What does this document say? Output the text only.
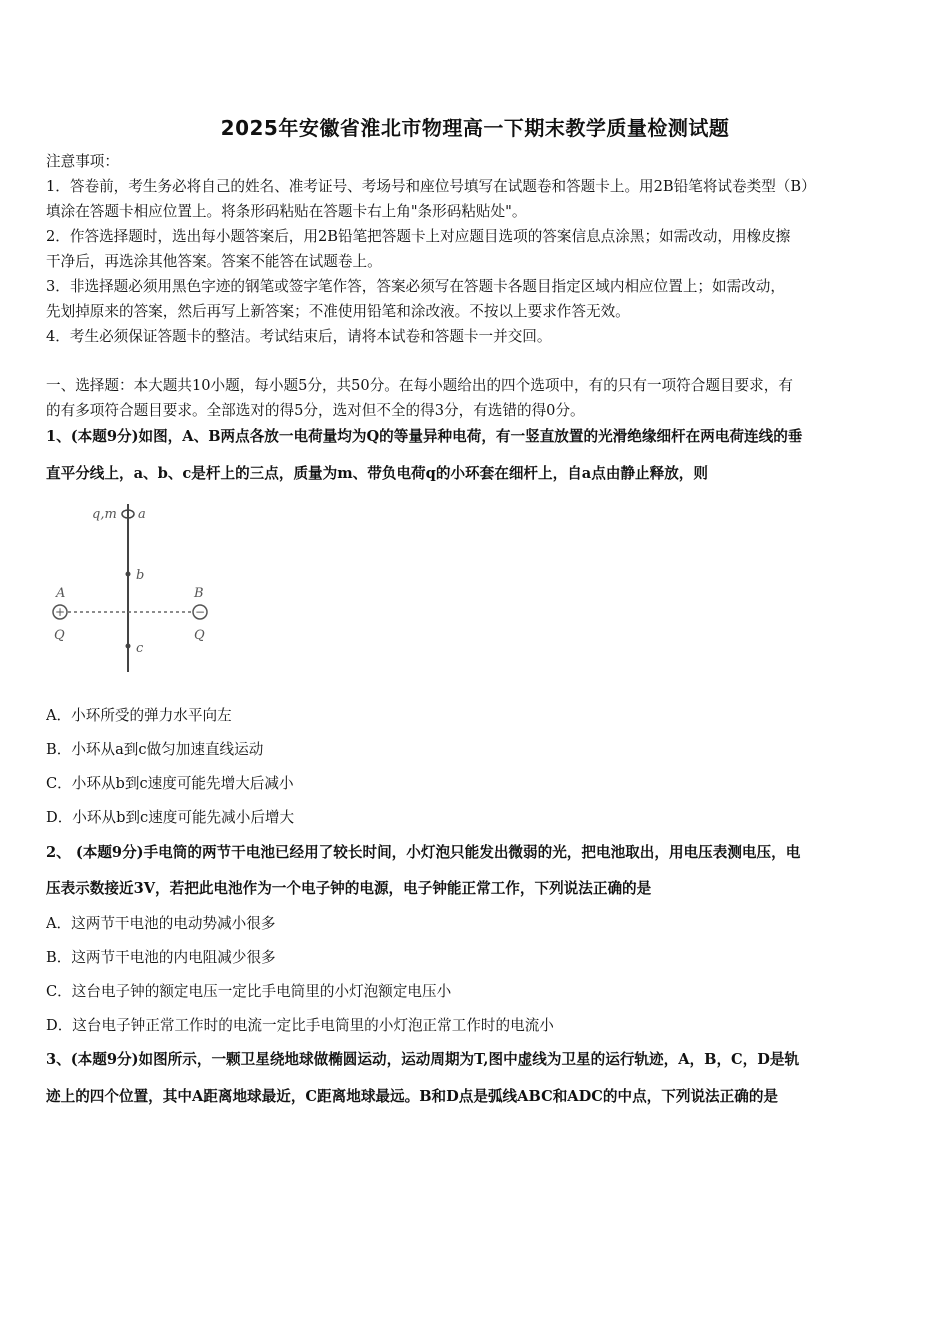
2025年安徽省淮北市物理高一下期末教学质量检测试题
注意事项：
1．答卷前，考生务必将自己的姓名、准考证号、考场号和座位号填写在试题卷和答题卡上。用2B铅笔将试卷类型（B）
填涂在答题卡相应位置上。将条形码粘贴在答题卡右上角"条形码粘贴处"。
2．作答选择题时，选出每小题答案后，用2B铅笔把答题卡上对应题目选项的答案信息点涂黑；如需改动，用橡皮擦
干净后，再选涂其他答案。答案不能答在试题卷上。
3．非选择题必须用黑色字迹的钢笔或签字笔作答，答案必须写在答题卡各题目指定区域内相应位置上；如需改动，
先划掉原来的答案，然后再写上新答案；不准使用铅笔和涂改液。不按以上要求作答无效。
4．考生必须保证答题卡的整洁。考试结束后，请将本试卷和答题卡一并交回。
一、选择题：本大题共10小题，每小题5分，共50分。在每小题给出的四个选项中，有的只有一项符合题目要求，有
的有多项符合题目要求。全部选对的得5分，选对但不全的得3分，有选错的得0分。
1、(本题9分)如图，A、B两点各放一电荷量均为Q的等量异种电荷，有一竖直放置的光滑绝缘细杆在两电荷连线的垂
直平分线上，a、b、c是杆上的三点，质量为m、带负电荷q的小环套在细杆上，自a点由静止释放，则
+	−
q,m a
b
c
A	B
Q	Q
A．小环所受的弹力水平向左
B．小环从a到c做匀加速直线运动
C．小环从b到c速度可能先增大后减小
D．小环从b到c速度可能先减小后增大
2、 (本题9分)手电筒的两节干电池已经用了较长时间，小灯泡只能发出微弱的光，把电池取出，用电压表测电压，电
压表示数接近3V，若把此电池作为一个电子钟的电源，电子钟能正常工作，下列说法正确的是
A．这两节干电池的电动势减小很多
B．这两节干电池的内电阻减少很多
C．这台电子钟的额定电压一定比手电筒里的小灯泡额定电压小
D．这台电子钟正常工作时的电流一定比手电筒里的小灯泡正常工作时的电流小
3、(本题9分)如图所示，一颗卫星绕地球做椭圆运动，运动周期为T,图中虚线为卫星的运行轨迹，A，B，C，D是轨
迹上的四个位置，其中A距离地球最近，C距离地球最远。B和D点是弧线ABC和ADC的中点，下列说法正确的是
